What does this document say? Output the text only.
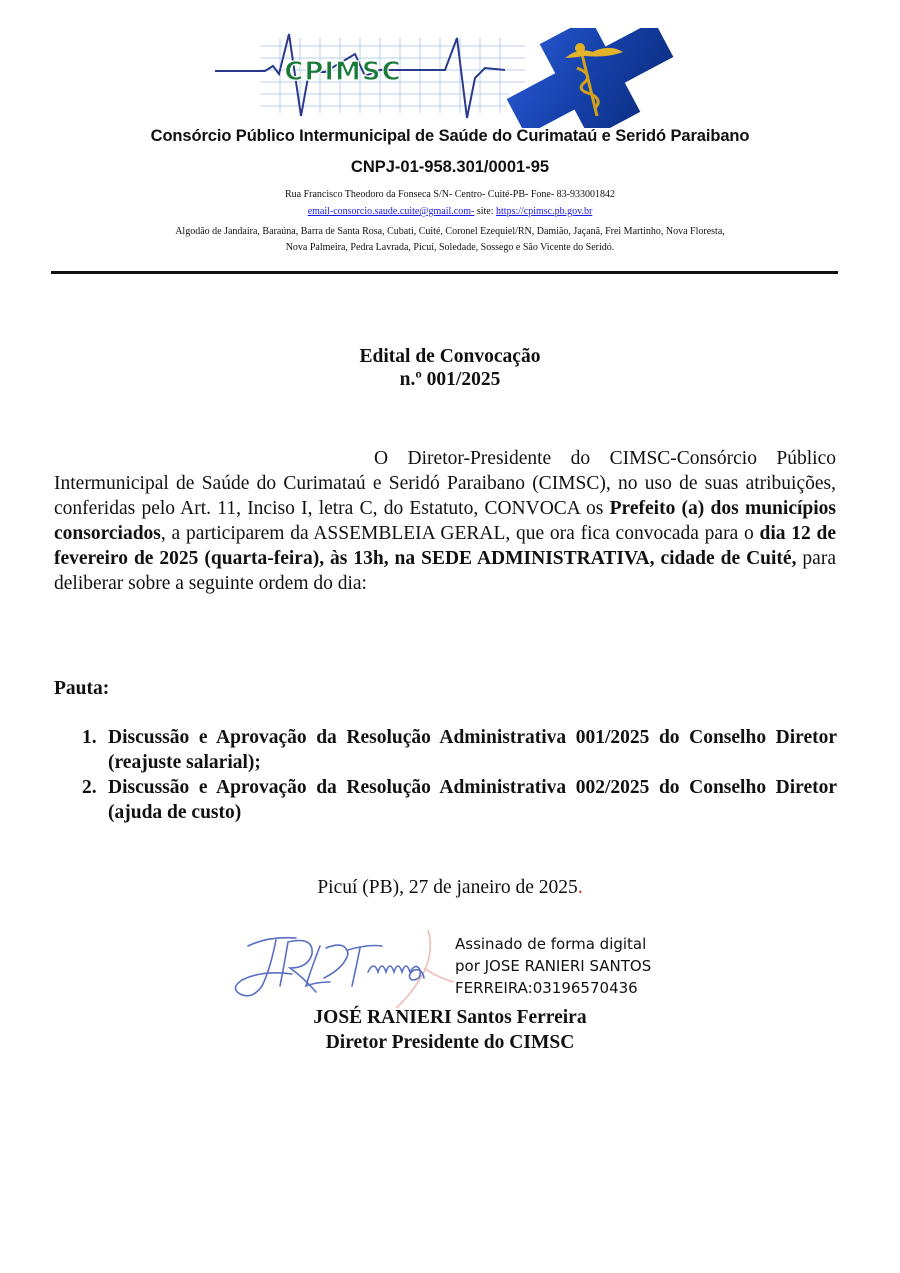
CPIMSC
Consórcio Público Intermunicipal de Saúde do Curimataú e Seridó Paraibano
CNPJ-01-958.301/0001-95
Rua Francisco Theodoro da Fonseca S/N- Centro- Cuité-PB- Fone- 83-933001842
email-consorcio.saude.cuite@gmail.com- site: https://cpimsc.pb.gov.br
Algodão de Jandaíra, Baraúna, Barra de Santa Rosa, Cubati, Cuité, Coronel Ezequiel/RN, Damião, Jaçanã, Frei Martinho, Nova Floresta,
Nova Palmeira, Pedra Lavrada, Picuí, Soledade, Sossego e São Vicente do Seridó.
Edital de Convocação
n.º 001/2025
O Diretor-Presidente do CIMSC-Consórcio Público Intermunicipal de Saúde do Curimataú e Seridó Paraibano (CIMSC), no uso de suas atribuições, conferidas pelo Art. 11, Inciso I, letra C, do Estatuto, CONVOCA os Prefeito (a) dos municípios consorciados, a participarem da ASSEMBLEIA GERAL, que ora fica convocada para o dia 12 de fevereiro de 2025 (quarta-feira), às 13h, na SEDE ADMINISTRATIVA, cidade de Cuité, para deliberar sobre a seguinte ordem do dia:
Pauta:
1. Discussão e Aprovação da Resolução Administrativa 001/2025 do Conselho Diretor (reajuste salarial);
2. Discussão e Aprovação da Resolução Administrativa 002/2025 do Conselho Diretor (ajuda de custo)
Picuí (PB), 27 de janeiro de 2025.
Assinado de forma digital
por JOSE RANIERI SANTOS
FERREIRA:03196570436
JOSÉ RANIERI Santos Ferreira
Diretor Presidente do CIMSC
